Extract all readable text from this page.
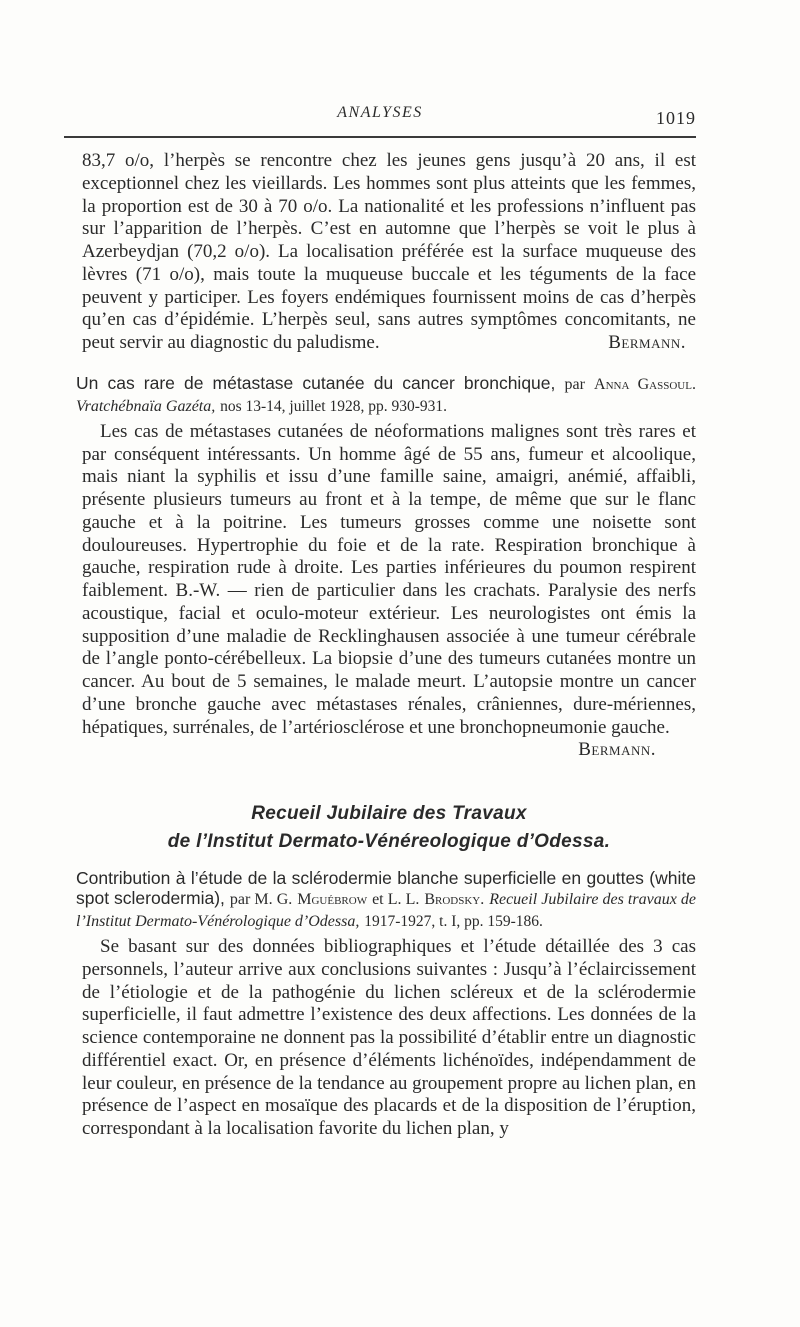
ANALYSES	1019

83,7 o/o, l’herpès se rencontre chez les jeunes gens jusqu’à 20 ans, il est exceptionnel chez les vieillards. Les hommes sont plus atteints que les femmes, la proportion est de 30 à 70 o/o. La nationalité et les professions n’influent pas sur l’apparition de l’herpès. C’est en automne que l’herpès se voit le plus à Azerbeydjan (70,2 o/o). La localisation préférée est la surface muqueuse des lèvres (71 o/o), mais toute la muqueuse buccale et les téguments de la face peuvent y participer. Les foyers endémiques fournissent moins de cas d’herpès qu’en cas d’épidémie. L’herpès seul, sans autres symptômes concomitants, ne peut servir au diagnostic du paludisme.	Bermann.

Un cas rare de métastase cutanée du cancer bronchique, par Anna Gassoul. Vratchébnaïa Gazéta, nos 13-14, juillet 1928, pp. 930-931.

Les cas de métastases cutanées de néoformations malignes sont très rares et par conséquent intéressants. Un homme âgé de 55 ans, fumeur et alcoolique, mais niant la syphilis et issu d’une famille saine, amaigri, anémié, affaibli, présente plusieurs tumeurs au front et à la tempe, de même que sur le flanc gauche et à la poitrine. Les tumeurs grosses comme une noisette sont douloureuses. Hypertrophie du foie et de la rate. Respiration bronchique à gauche, respiration rude à droite. Les parties inférieures du poumon respirent faiblement. B.-W. — rien de particulier dans les crachats. Paralysie des nerfs acoustique, facial et oculo-moteur extérieur. Les neurologistes ont émis la supposition d’une maladie de Recklinghausen associée à une tumeur cérébrale de l’angle ponto-cérébelleux. La biopsie d’une des tumeurs cutanées montre un cancer. Au bout de 5 semaines, le malade meurt. L’autopsie montre un cancer d’une bronche gauche avec métastases rénales, crâniennes, dure-mériennes, hépatiques, surrénales, de l’artériosclérose et une bronchopneumonie gauche.

Bermann.

Recueil Jubilaire des Travaux
de l’Institut Dermato-Vénéreologique d’Odessa.

Contribution à l’étude de la sclérodermie blanche superficielle en gouttes (white spot sclerodermia), par M. G. Mguébrow et L. L. Brodsky. Recueil Jubilaire des travaux de l’Institut Dermato-Vénérologique d’Odessa, 1917-1927, t. I, pp. 159-186.

Se basant sur des données bibliographiques et l’étude détaillée des 3 cas personnels, l’auteur arrive aux conclusions suivantes : Jusqu’à l’éclaircissement de l’étiologie et de la pathogénie du lichen scléreux et de la sclérodermie superficielle, il faut admettre l’existence des deux affections. Les données de la science contemporaine ne donnent pas la possibilité d’établir entre un diagnostic différentiel exact. Or, en présence d’éléments lichénoïdes, indépendamment de leur couleur, en présence de la tendance au groupement propre au lichen plan, en présence de l’aspect en mosaïque des placards et de la disposition de l’éruption, correspondant à la localisation favorite du lichen plan, y
